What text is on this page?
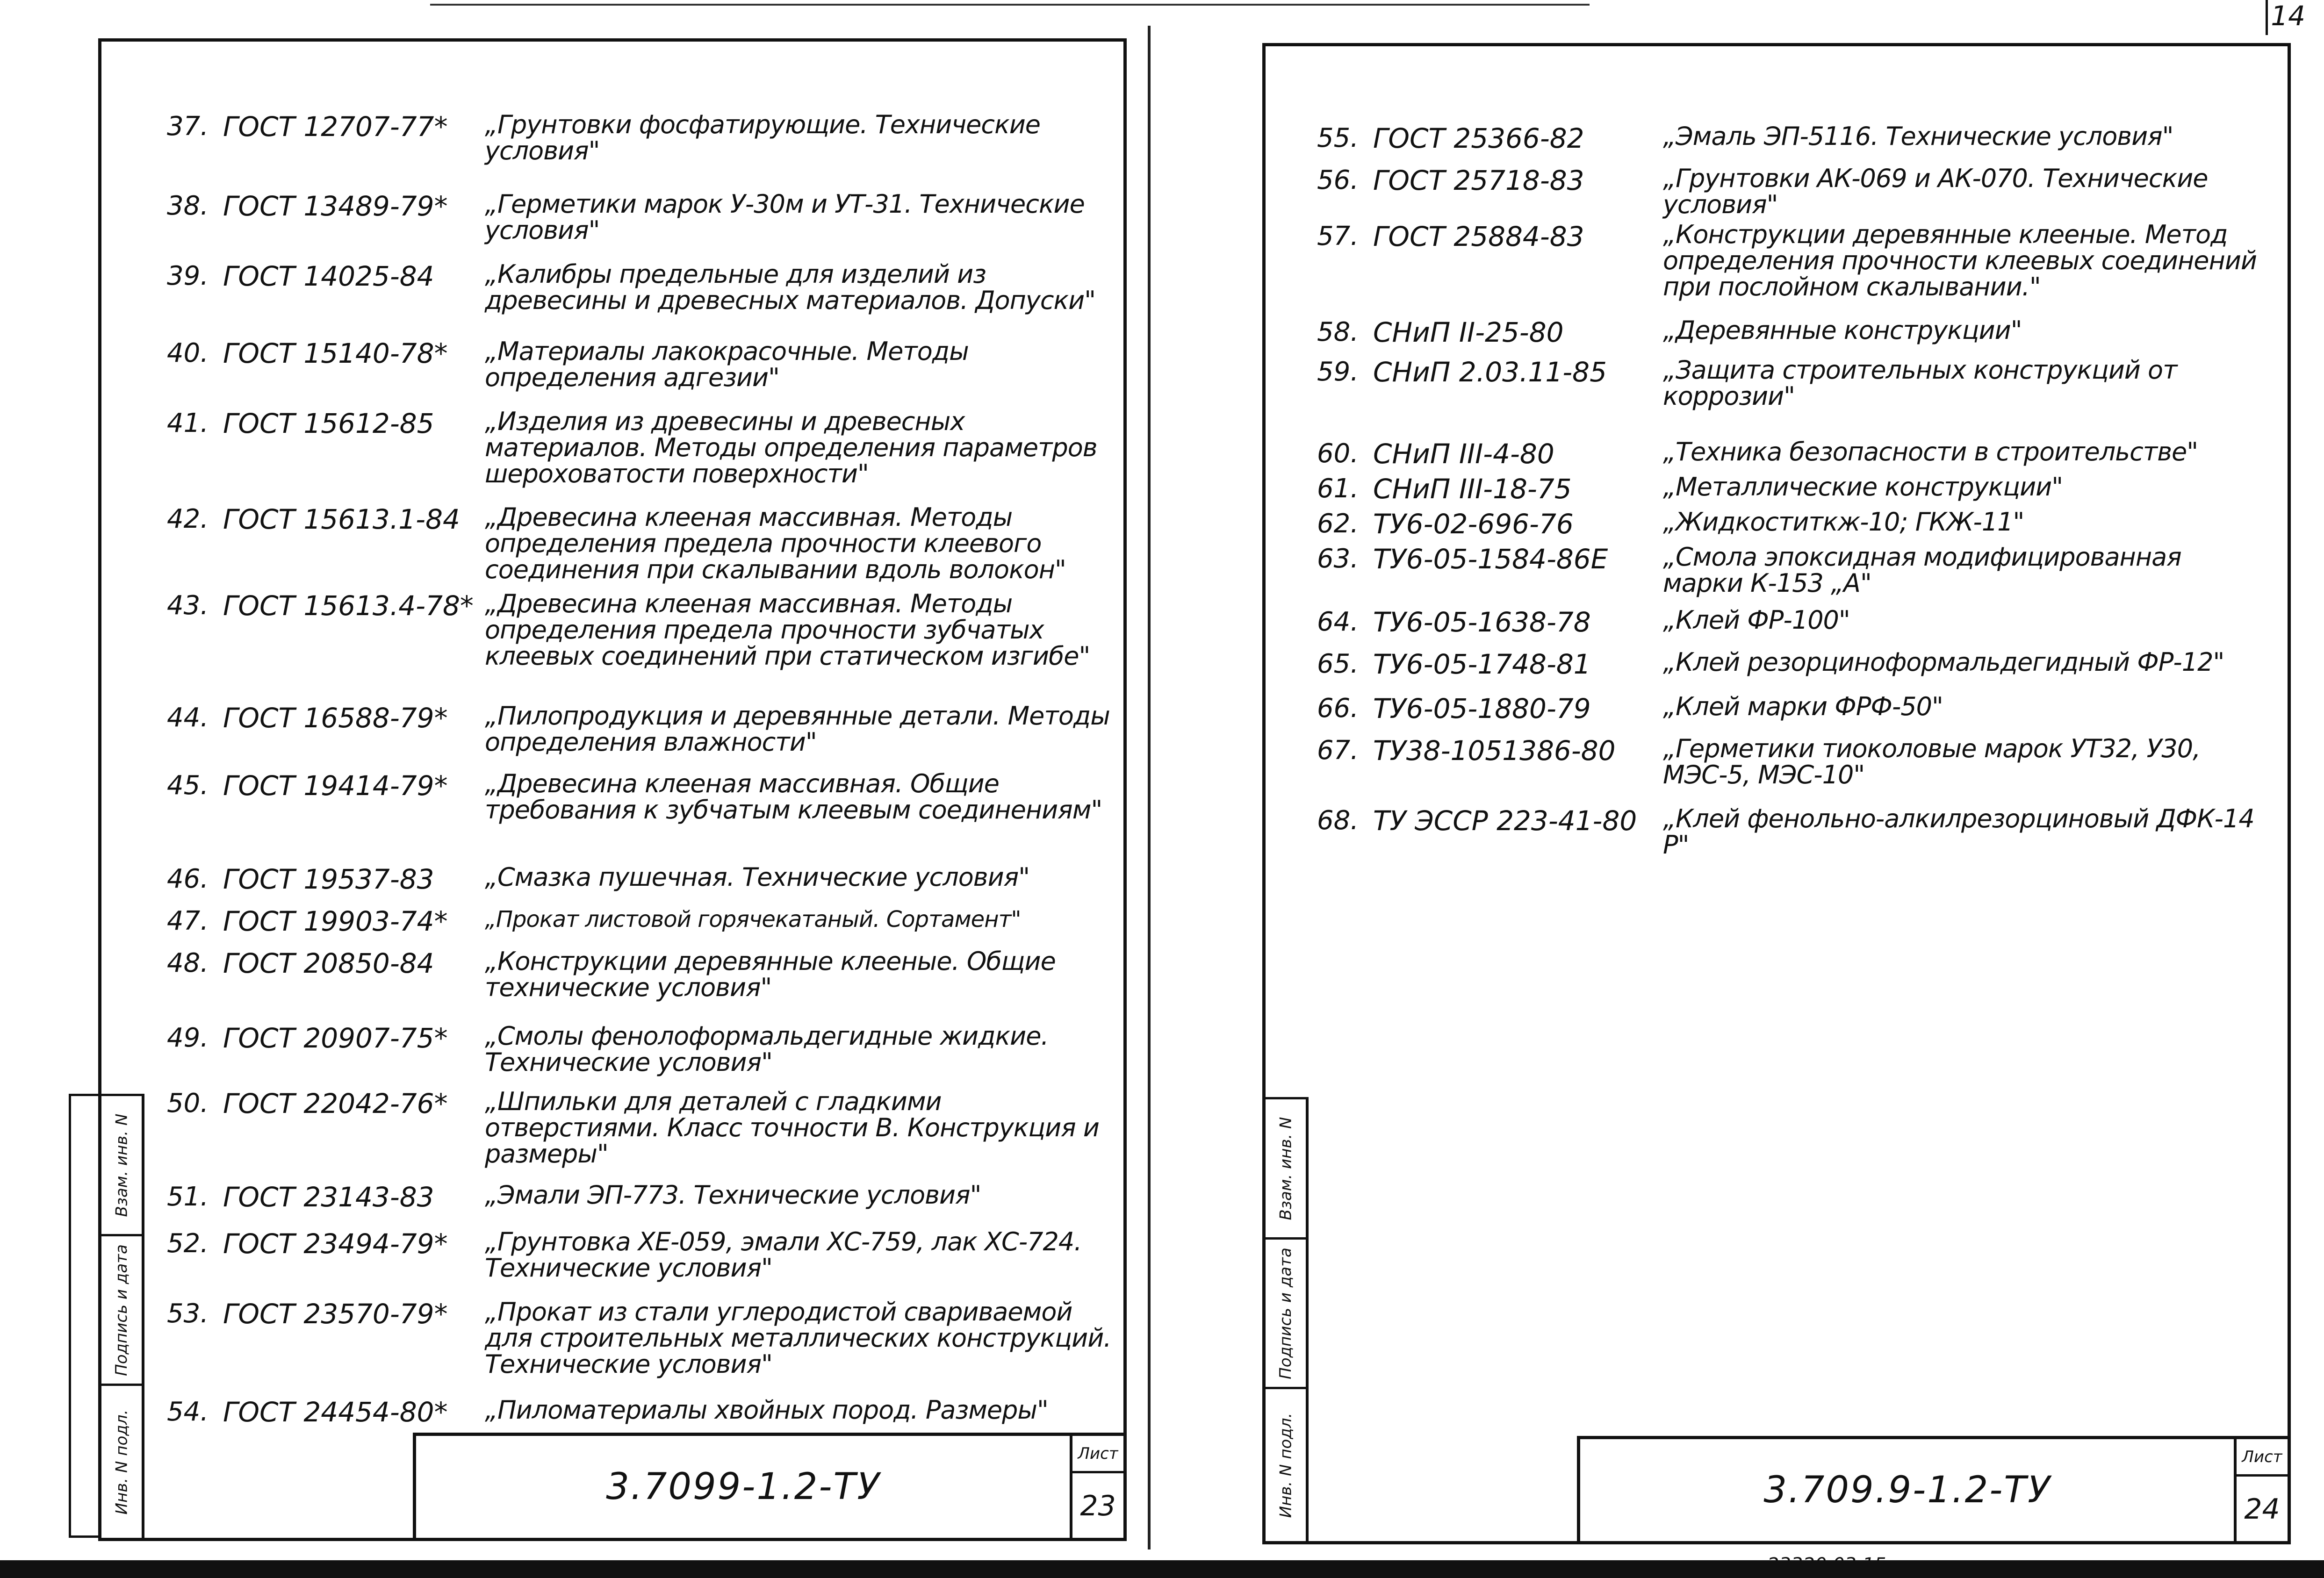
14
37. ГОСТ 12707-77*	„Грунтовки фосфатирующие. Технические условия"
38. ГОСТ 13489-79*	„Герметики марок У-30м и УТ-31. Технические условия"
39. ГОСТ 14025-84	„Калибры предельные для изделий из древесины и древесных материалов. Допуски"
40. ГОСТ 15140-78*	„Материалы лакокрасочные. Методы определения адгезии"
41. ГОСТ 15612-85	„Изделия из древесины и древесных материалов. Методы определения параметров шероховатости поверхности"
42. ГОСТ 15613.1-84 „Древесина клееная массивная. Методы определения предела прочности клеевого соединения при скалывании вдоль волокон"
43. ГОСТ 15613.4-78* „Древесина клееная массивная. Методы определения предела прочности зубчатых клеевых соединений при статическом изгибе"
44. ГОСТ 16588-79*	„Пилопродукция и деревянные детали. Методы определения влажности"
45. ГОСТ 19414-79*	„Древесина клееная массивная. Общие требования к зубчатым клеевым соединениям"
46. ГОСТ 19537-83	„Смазка пушечная. Технические условия"
47. ГОСТ 19903-74*	„Прокат листовой горячекатаный. Сортамент"
48. ГОСТ 20850-84	„Конструкции деревянные клееные. Общие технические условия"
49. ГОСТ 20907-75*	„Смолы фенолоформальдегидные жидкие. Технические условия"
50. ГОСТ 22042-76*	„Шпильки для деталей с гладкими отверстиями. Класс точности В. Конструкция и размеры"
51. ГОСТ 23143-83	„Эмали ЭП-773. Технические условия"
52. ГОСТ 23494-79*	„Грунтовка ХЕ-059, эмали ХС-759, лак ХС-724. Технические условия"
53. ГОСТ 23570-79*	„Прокат из стали углеродистой свариваемой для строительных металлических конструкций. Технические условия"
54. ГОСТ 24454-80*	„Пиломатериалы хвойных пород. Размеры"
Взам. инв. N
Подпись и дата
Инв. N подл.	3.7099-1.2-ТУ
Лист
23
55. ГОСТ 25366-82	„Эмаль ЭП-5116. Технические условия"
56. ГОСТ 25718-83	„Грунтовки АК-069 и АК-070. Технические условия"
57. ГОСТ 25884-83	„Конструкции деревянные клееные. Метод определения прочности клеевых соединений при послойном скалывании."
58. СНиП II-25-80	„Деревянные конструкции"
59. СНиП 2.03.11-85	„Защита строительных конструкций от коррозии"
60. СНиП III-4-80	„Техника безопасности в строительстве"
61. СНиП III-18-75	„Металлические конструкции"
62. ТУ6-02-696-76	„Жидкоститкж-10; ГКЖ-11"
63. ТУ6-05-1584-86Е	„Смола эпоксидная модифицированная марки К-153 „А"
64. ТУ6-05-1638-78	„Клей ФР-100"
65. ТУ6-05-1748-81	„Клей резорциноформальдегидный ФР-12"
66. ТУ6-05-1880-79	„Клей марки ФРФ-50"
67. ТУ38-1051386-80	„Герметики тиоколовые марок УТ32, У30, МЭС-5, МЭС-10"
68. ТУ ЭССР 223-41-80	„Клей фенольно-алкилрезорциновый ДФК-14 Р"
Взам. инв. N
Подпись и дата
Инв. N подл.	3.709.9-1.2-ТУ
Лист
24
